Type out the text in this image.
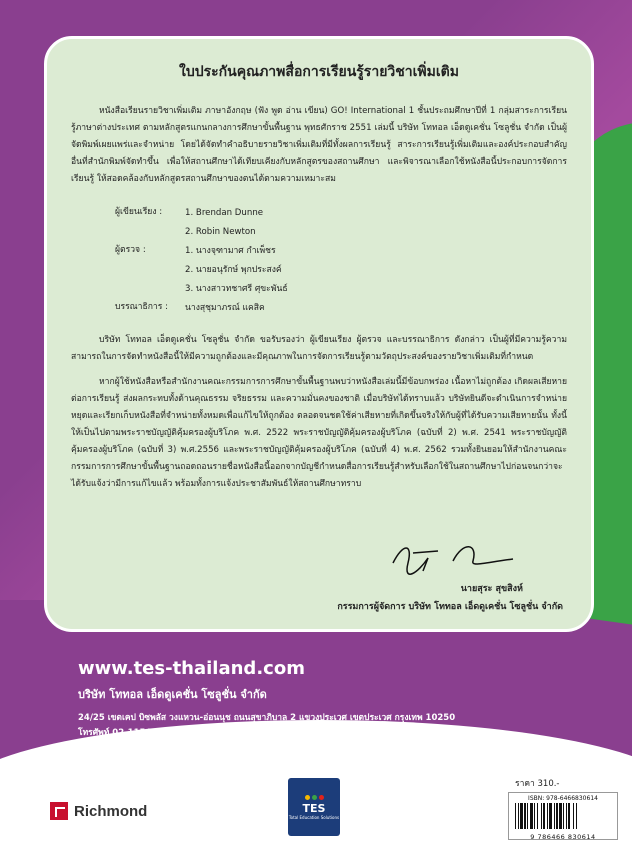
ใบประกันคุณภาพสื่อการเรียนรู้รายวิชาเพิ่มเติม
หนังสือเรียนรายวิชาเพิ่มเติม ภาษาอังกฤษ (ฟัง พูด อ่าน เขียน) GO! International 1 ชั้นประถมศึกษาปีที่ 1 กลุ่มสาระการเรียนรู้ภาษาต่างประเทศ ตามหลักสูตรแกนกลางการศึกษาขั้นพื้นฐาน พุทธศักราช 2551 เล่มนี้ บริษัท โททอล เอ็ดดูเคชั่น โซลูชั่น จำกัด เป็นผู้จัดพิมพ์เผยแพร่และจำหน่าย โดยได้จัดทำคำอธิบายรายวิชาเพิ่มเติมที่มีทั้งผลการเรียนรู้ สาระการเรียนรู้เพิ่มเติมและองค์ประกอบสำคัญอื่นที่สำนักพิมพ์จัดทำขึ้น เพื่อให้สถานศึกษาได้เทียบเคียงกับหลักสูตรของสถานศึกษา และพิจารณาเลือกใช้หนังสือนี้ประกอบการจัดการเรียนรู้ ให้สอดคล้องกับหลักสูตรสถานศึกษาของตนได้ตามความเหมาะสม
ผู้เขียนเรียง :	1. Brendan Dunne
2. Robin Newton
ผู้ตรวจ :	1. นางจุฑามาศ กำเพ็ชร
2. นายอนุรักษ์ พุกประสงค์
3. นางสาวทชาศรี ศุขะพันธ์
บรรณาธิการ :	นางสุชุมาภรณ์ แคสิค
บริษัท โททอล เอ็ดดูเคชั่น โซลูชั่น จำกัด ขอรับรองว่า ผู้เขียนเรียง ผู้ตรวจ และบรรณาธิการ ดังกล่าว เป็นผู้ที่มีความรู้ความสามารถในการจัดทำหนังสือนี้ให้มีความถูกต้องและมีคุณภาพในการจัดการเรียนรู้ตามวัตถุประสงค์ของรายวิชาเพิ่มเติมที่กำหนด
หากผู้ใช้หนังสือหรือสำนักงานคณะกรรมการการศึกษาขั้นพื้นฐานพบว่าหนังสือเล่มนี้มีข้อบกพร่อง เนื้อหาไม่ถูกต้อง เกิดผลเสียหายต่อการเรียนรู้ ส่งผลกระทบทั้งด้านคุณธรรม จริยธรรม และความมั่นคงของชาติ เมื่อบริษัทได้ทราบแล้ว บริษัทยินดีจะดำเนินการจำหน่ายหยุดและเรียกเก็บหนังสือที่จำหน่ายทั้งหมดเพื่อแก้ไขให้ถูกต้อง ตลอดจนชดใช้ค่าเสียหายที่เกิดขึ้นจริงให้กับผู้ที่ได้รับความเสียหายนั้น ทั้งนี้ให้เป็นไปตามพระราชบัญญัติคุ้มครองผู้บริโภค พ.ศ. 2522 พระราชบัญญัติคุ้มครองผู้บริโภค (ฉบับที่ 2) พ.ศ. 2541 พระราชบัญญัติคุ้มครองผู้บริโภค (ฉบับที่ 3) พ.ศ.2556 และพระราชบัญญัติคุ้มครองผู้บริโภค (ฉบับที่ 4) พ.ศ. 2562 รวมทั้งยินยอมให้สำนักงานคณะกรรมการการศึกษาขั้นพื้นฐานถอดถอนรายชื่อหนังสือนี้ออกจากบัญชีกำหนดสื่อการเรียนรู้สำหรับเลือกใช้ในสถานศึกษาไปก่อนจนกว่าจะได้รับแจ้งว่ามีการแก้ไขแล้ว พร้อมทั้งการแจ้งประชาสัมพันธ์ให้สถานศึกษาทราบ
นายสุระ สุขสิงห์
กรรมการผู้จัดการ บริษัท โททอล เอ็ดดูเคชั่น โซลูชั่น จำกัด
www.tes-thailand.com
บริษัท โททอล เอ็ดดูเคชั่น โซลูชั่น จำกัด
24/25 เขตเคป บิซพลัส วงแหวน-อ่อนนุช ถนนสุขาภิบาล 2 แขวงประเวศ เขตประเวศ กรุงเทพ 10250
โทรศัพท์ 02-1154943, 094-9235547 โทรสาร 02-0892425
Richmond	TES
Total Education Solutions
ราคา 310.-
ISBN: 978-6466830614
9 786466 830614
